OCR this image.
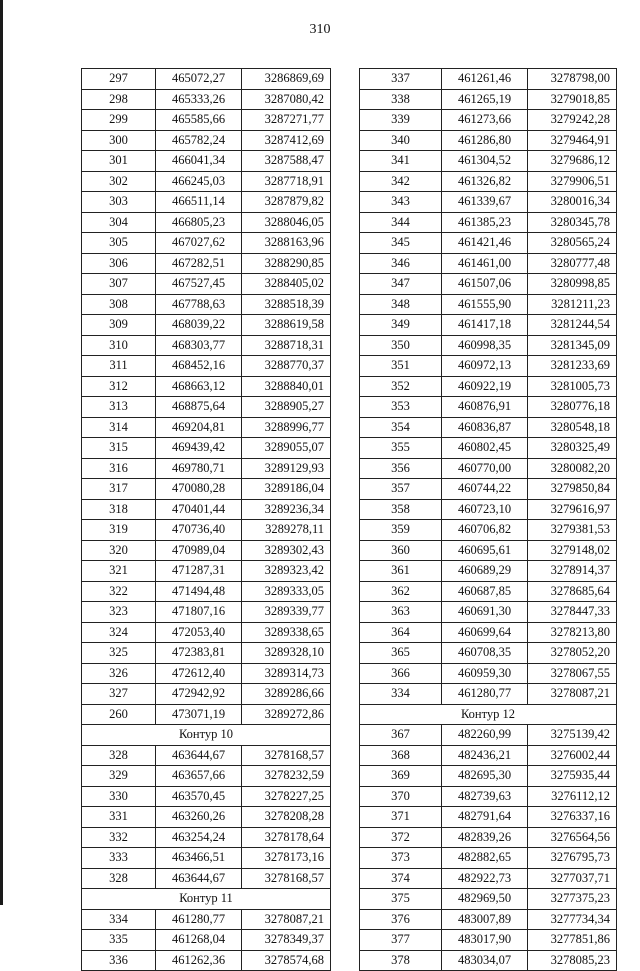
310
297	465072,27	3286869,69
298	465333,26	3287080,42
299	465585,66	3287271,77
300	465782,24	3287412,69
301	466041,34	3287588,47
302	466245,03	3287718,91
303	466511,14	3287879,82
304	466805,23	3288046,05
305	467027,62	3288163,96
306	467282,51	3288290,85
307	467527,45	3288405,02
308	467788,63	3288518,39
309	468039,22	3288619,58
310	468303,77	3288718,31
311	468452,16	3288770,37
312	468663,12	3288840,01
313	468875,64	3288905,27
314	469204,81	3288996,77
315	469439,42	3289055,07
316	469780,71	3289129,93
317	470080,28	3289186,04
318	470401,44	3289236,34
319	470736,40	3289278,11
320	470989,04	3289302,43
321	471287,31	3289323,42
322	471494,48	3289333,05
323	471807,16	3289339,77
324	472053,40	3289338,65
325	472383,81	3289328,10
326	472612,40	3289314,73
327	472942,92	3289286,66
260	473071,19	3289272,86
Контур 10		
328	463644,67	3278168,57
329	463657,66	3278232,59
330	463570,45	3278227,25
331	463260,26	3278208,28
332	463254,24	3278178,64
333	463466,51	3278173,16
328	463644,67	3278168,57
Контур 11		
334	461280,77	3278087,21
335	461268,04	3278349,37
336	461262,36	3278574,68
337	461261,46	3278798,00
338	461265,19	3279018,85
339	461273,66	3279242,28
340	461286,80	3279464,91
341	461304,52	3279686,12
342	461326,82	3279906,51
343	461339,67	3280016,34
344	461385,23	3280345,78
345	461421,46	3280565,24
346	461461,00	3280777,48
347	461507,06	3280998,85
348	461555,90	3281211,23
349	461417,18	3281244,54
350	460998,35	3281345,09
351	460972,13	3281233,69
352	460922,19	3281005,73
353	460876,91	3280776,18
354	460836,87	3280548,18
355	460802,45	3280325,49
356	460770,00	3280082,20
357	460744,22	3279850,84
358	460723,10	3279616,97
359	460706,82	3279381,53
360	460695,61	3279148,02
361	460689,29	3278914,37
362	460687,85	3278685,64
363	460691,30	3278447,33
364	460699,64	3278213,80
365	460708,35	3278052,20
366	460959,30	3278067,55
334	461280,77	3278087,21
Контур 12		
367	482260,99	3275139,42
368	482436,21	3276002,44
369	482695,30	3275935,44
370	482739,63	3276112,12
371	482791,64	3276337,16
372	482839,26	3276564,56
373	482882,65	3276795,73
374	482922,73	3277037,71
375	482969,50	3277375,23
376	483007,89	3277734,34
377	483017,90	3277851,86
378	483034,07	3278085,23
